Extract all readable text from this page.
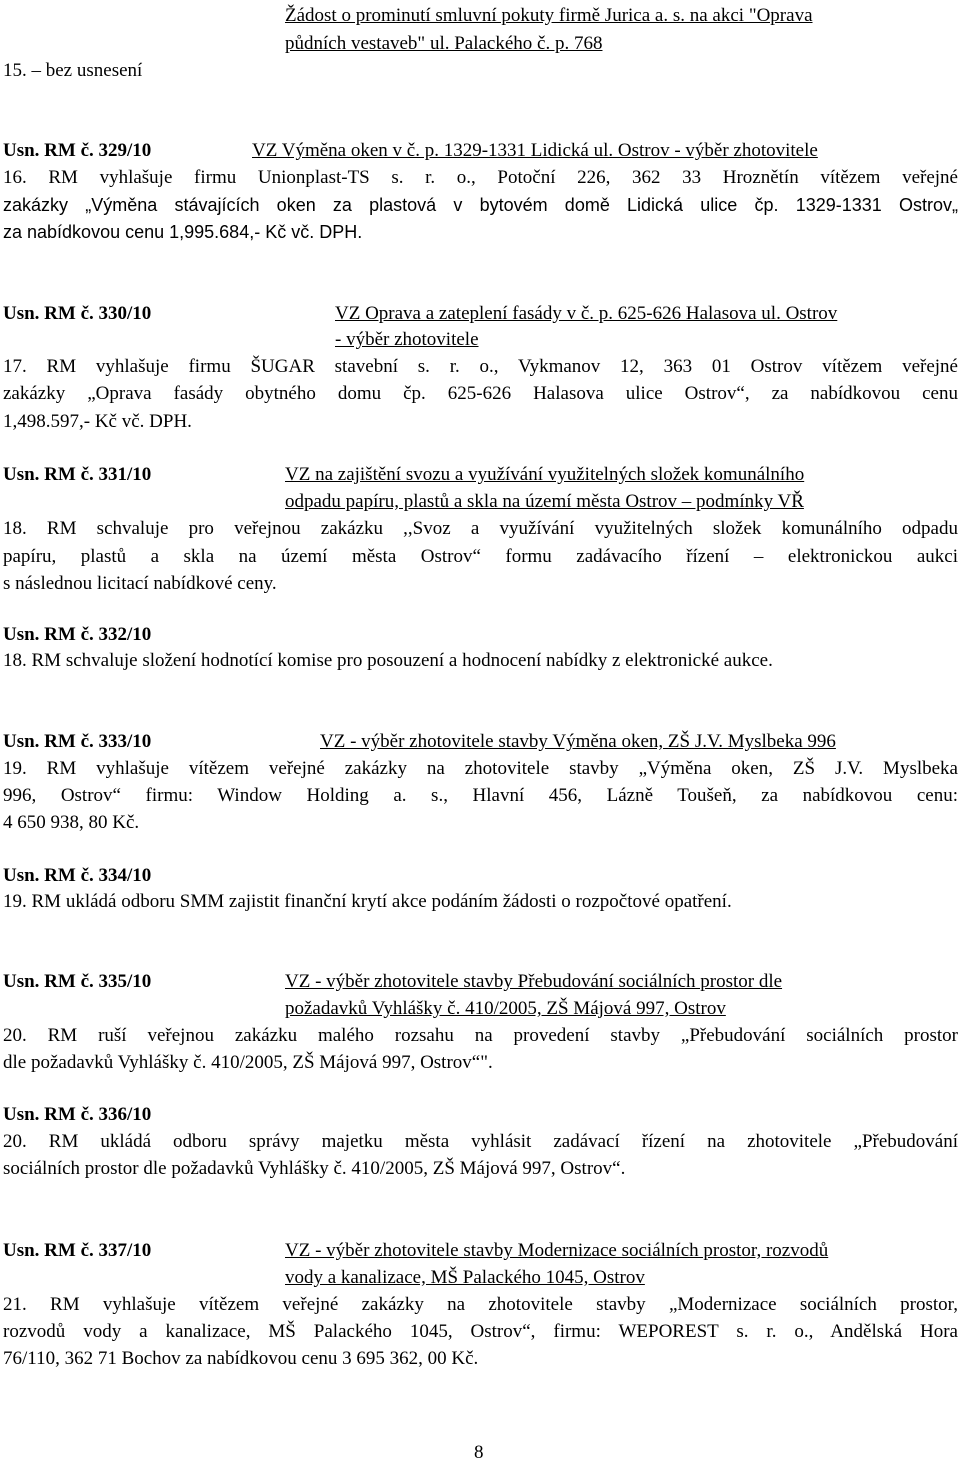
Žádost o prominutí smluvní pokuty firmě Jurica a. s. na akci "Oprava
půdních vestaveb" ul. Palackého č. p. 768
15. – bez usnesení
Usn. RM č. 329/10	VZ Výměna oken v č. p. 1329-1331 Lidická ul. Ostrov - výběr zhotovitele
16. RM vyhlašuje firmu Unionplast-TS s. r. o., Potoční 226, 362 33 Hroznětín vítězem veřejné
zakázky „Výměna stávajících oken za plastová v bytovém domě Lidická ulice čp. 1329-1331 Ostrov„
za nabídkovou cenu 1,995.684,- Kč vč. DPH.
Usn. RM č. 330/10	VZ Oprava a zateplení fasády v č. p. 625-626 Halasova ul. Ostrov
- výběr zhotovitele
17. RM vyhlašuje firmu ŠUGAR stavební s. r. o., Vykmanov 12, 363 01 Ostrov vítězem veřejné
zakázky „Oprava fasády obytného domu čp. 625-626 Halasova ulice Ostrov“, za nabídkovou cenu
1,498.597,- Kč vč. DPH.
Usn. RM č. 331/10	VZ na zajištění svozu a využívání využitelných složek komunálního
odpadu papíru, plastů a skla na území města Ostrov – podmínky VŘ
18. RM schvaluje pro veřejnou zakázku ,,Svoz a využívání využitelných složek komunálního odpadu
papíru, plastů a skla na území města Ostrov“ formu zadávacího řízení – elektronickou aukci
s následnou licitací nabídkové ceny.
Usn. RM č. 332/10
18. RM schvaluje složení hodnotící komise pro posouzení a hodnocení nabídky z elektronické aukce.
Usn. RM č. 333/10	VZ - výběr zhotovitele stavby Výměna oken, ZŠ J.V. Myslbeka 996
19. RM vyhlašuje vítězem veřejné zakázky na zhotovitele stavby „Výměna oken, ZŠ J.V. Myslbeka
996, Ostrov“ firmu: Window Holding a. s., Hlavní 456, Lázně Toušeň, za nabídkovou cenu:
4 650 938, 80 Kč.
Usn. RM č. 334/10
19. RM ukládá odboru SMM zajistit finanční krytí akce podáním žádosti o rozpočtové opatření.
Usn. RM č. 335/10	VZ - výběr zhotovitele stavby Přebudování sociálních prostor dle
požadavků Vyhlášky č. 410/2005, ZŠ Májová 997, Ostrov
20. RM ruší veřejnou zakázku malého rozsahu na provedení stavby „Přebudování sociálních prostor
dle požadavků Vyhlášky č. 410/2005, ZŠ Májová 997, Ostrov“".
Usn. RM č. 336/10
20. RM ukládá odboru správy majetku města vyhlásit zadávací řízení na zhotovitele „Přebudování
sociálních prostor dle požadavků Vyhlášky č. 410/2005, ZŠ Májová 997, Ostrov“.
Usn. RM č. 337/10	VZ - výběr zhotovitele stavby Modernizace sociálních prostor, rozvodů
vody a kanalizace, MŠ Palackého 1045, Ostrov
21. RM vyhlašuje vítězem veřejné zakázky na zhotovitele stavby „Modernizace sociálních prostor,
rozvodů vody a kanalizace, MŠ Palackého 1045, Ostrov“, firmu: WEPOREST s. r. o., Andělská Hora
76/110, 362 71 Bochov za nabídkovou cenu 3 695 362, 00 Kč.
8
